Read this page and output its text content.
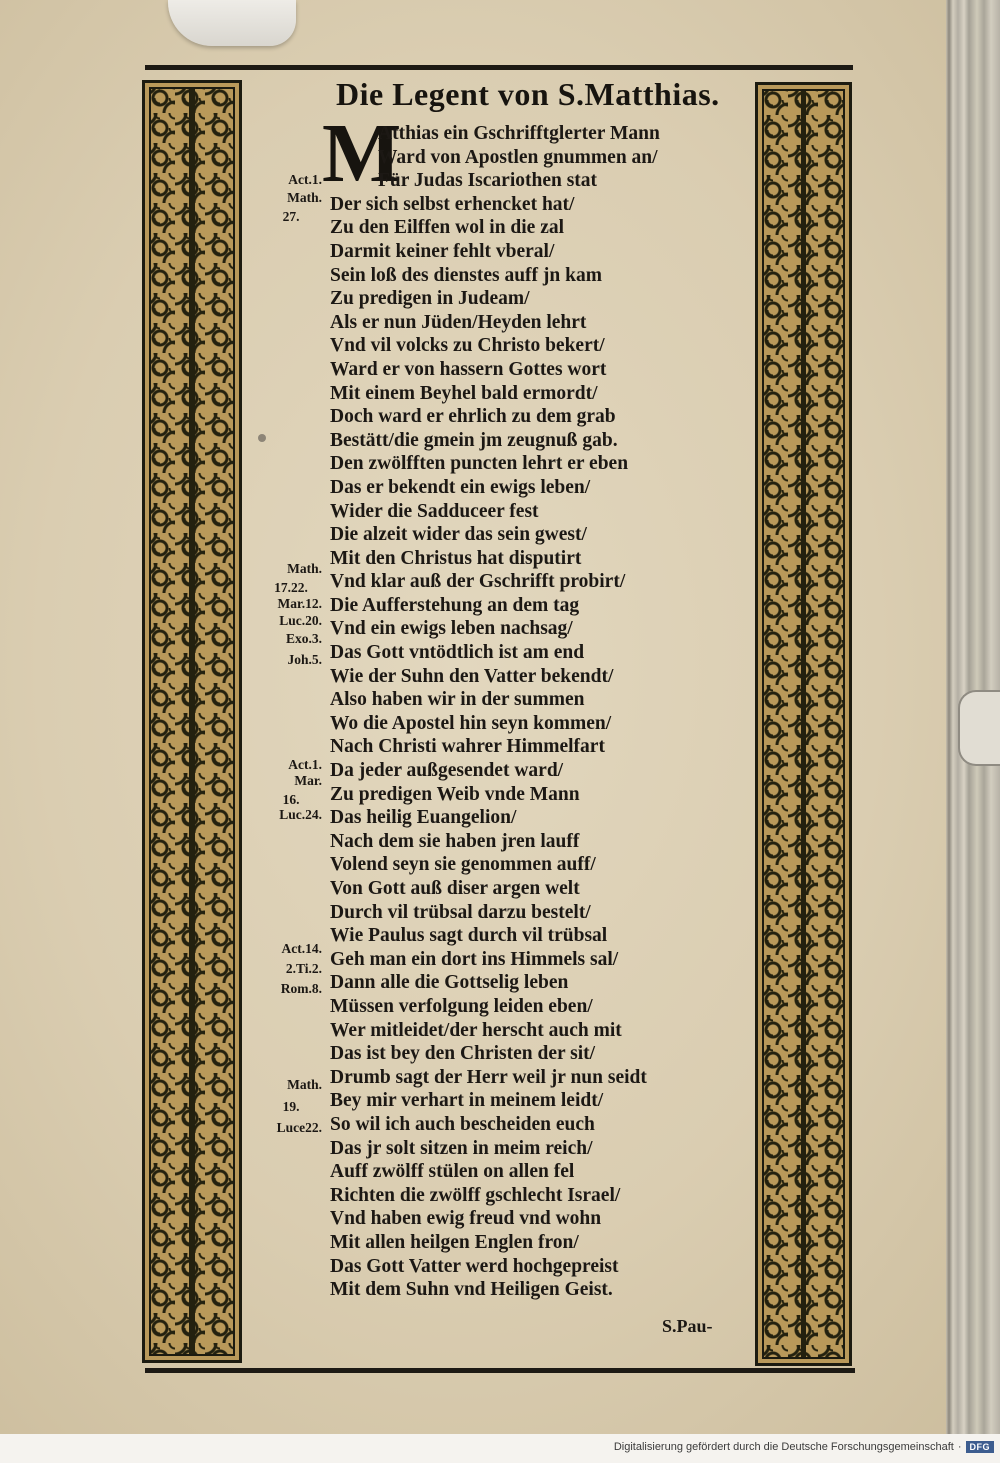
Die Legent von S.Matthias.
M
Atthias ein Gschrifftglerter Mann
Ward von Apostlen gnummen an/
Für Judas Iscariothen stat
Der sich selbst erhencket hat/
Zu den Eilffen wol in die zal
Darmit keiner fehlt vberal/
Sein loß des dienstes auff jn kam
Zu predigen in Judeam/
Als er nun Jüden/Heyden lehrt
Vnd vil volcks zu Christo bekert/
Ward er von hassern Gottes wort
Mit einem Beyhel bald ermordt/
Doch ward er ehrlich zu dem grab
Bestätt/die gmein jm zeugnuß gab.
Den zwölfften puncten lehrt er eben
Das er bekendt ein ewigs leben/
Wider die Sadduceer fest
Die alzeit wider das sein gwest/
Mit den Christus hat disputirt
Vnd klar auß der Gschrifft probirt/
Die Aufferstehung an dem tag
Vnd ein ewigs leben nachsag/
Das Gott vntödtlich ist am end
Wie der Suhn den Vatter bekendt/
Also haben wir in der summen
Wo die Apostel hin seyn kommen/
Nach Christi wahrer Himmelfart
Da jeder außgesendet ward/
Zu predigen Weib vnde Mann
Das heilig Euangelion/
Nach dem sie haben jren lauff
Volend seyn sie genommen auff/
Von Gott auß diser argen welt
Durch vil trübsal darzu bestelt/
Wie Paulus sagt durch vil trübsal
Geh man ein dort ins Himmels sal/
Dann alle die Gottselig leben
Müssen verfolgung leiden eben/
Wer mitleidet/der herscht auch mit
Das ist bey den Christen der sit/
Drumb sagt der Herr weil jr nun seidt
Bey mir verhart in meinem leidt/
So wil ich auch bescheiden euch
Das jr solt sitzen in meim reich/
Auff zwölff stülen on allen fel
Richten die zwölff gschlecht Israel/
Vnd haben ewig freud vnd wohn
Mit allen heilgen Englen fron/
Das Gott Vatter werd hochgepreist
Mit dem Suhn vnd Heiligen Geist.
Act.1.
Math.
27.
Math.
17.22.
Mar.12.
Luc.20.
Exo.3.
Joh.5.
Act.1.
Mar.
16.
Luc.24.
Act.14.
2.Ti.2.
Rom.8.
Math.
19.
Luce22.
S.Pau-
Digitalisierung gefördert durch die Deutsche Forschungsgemeinschaft · DFG
